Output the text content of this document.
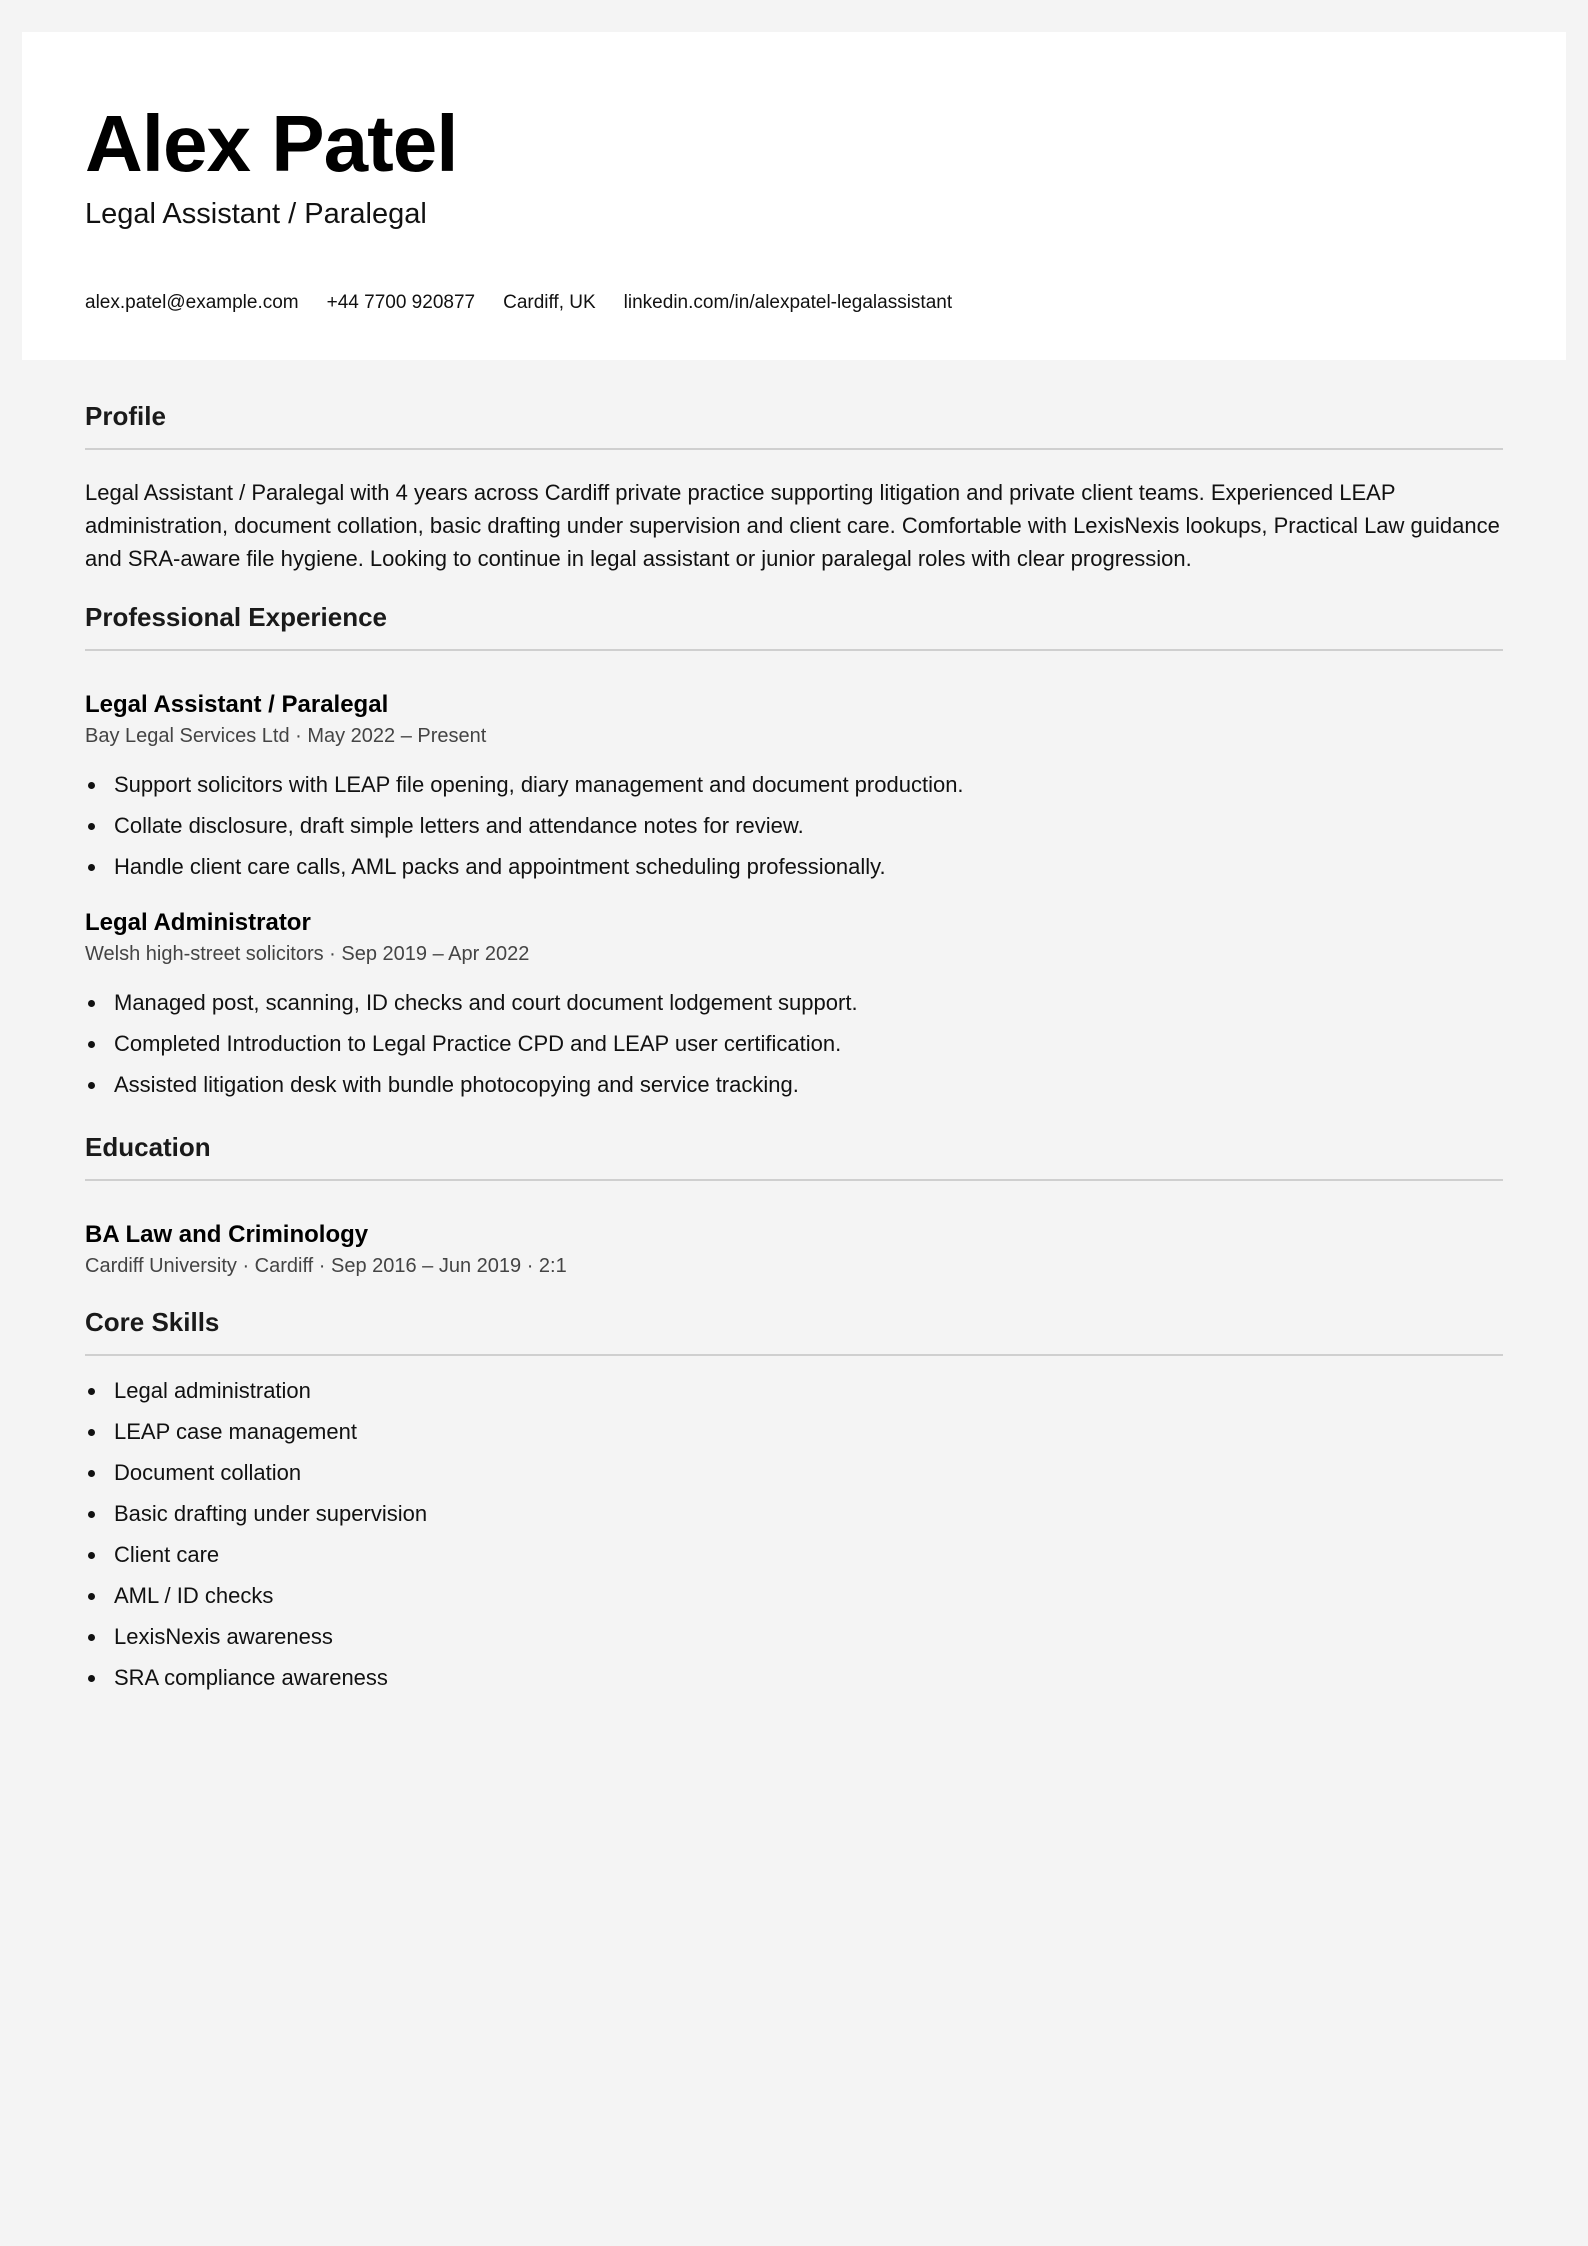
Alex Patel
Legal Assistant / Paralegal
alex.patel@example.com +44 7700 920877 Cardiff, UK linkedin.com/in/alexpatel-legalassistant
Profile

Legal Assistant / Paralegal with 4 years across Cardiff private practice supporting litigation and private client teams. Experienced LEAP administration, document collation, basic drafting under supervision and client care. Comfortable with LexisNexis lookups, Practical Law guidance and SRA-aware file hygiene. Looking to continue in legal assistant or junior paralegal roles with clear progression.

Professional Experience
Legal Assistant / Paralegal
Bay Legal Services Ltd · May 2022 – Present
Support solicitors with LEAP file opening, diary management and document production.
Collate disclosure, draft simple letters and attendance notes for review.
Handle client care calls, AML packs and appointment scheduling professionally.
Legal Administrator
Welsh high-street solicitors · Sep 2019 – Apr 2022
Managed post, scanning, ID checks and court document lodgement support.
Completed Introduction to Legal Practice CPD and LEAP user certification.
Assisted litigation desk with bundle photocopying and service tracking.
Education
BA Law and Criminology
Cardiff University · Cardiff · Sep 2016 – Jun 2019 · 2:1
Core Skills
Legal administration
LEAP case management
Document collation
Basic drafting under supervision
Client care
AML / ID checks
LexisNexis awareness
SRA compliance awareness
